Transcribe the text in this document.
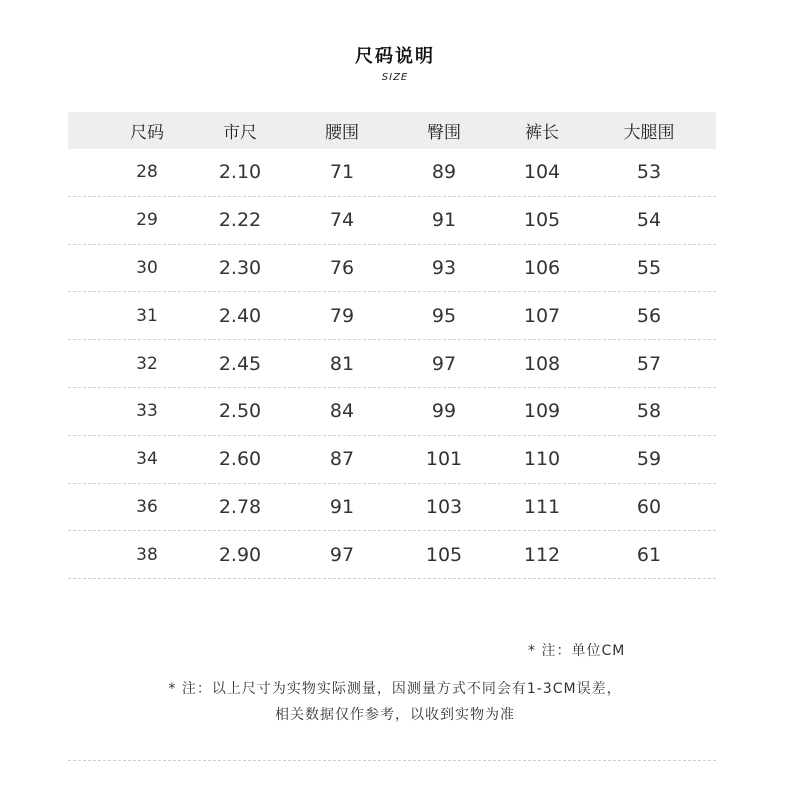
尺码说明
SIZE
尺码	市尺	腰围	臀围	裤长	大腿围
28	2.10	71	89	104	53
29	2.22	74	91	105	54
30	2.30	76	93	106	55
31	2.40	79	95	107	56
32	2.45	81	97	108	57
33	2.50	84	99	109	58
34	2.60	87	101	110	59
36	2.78	91	103	111	60
38	2.90	97	105	112	61
* 注：单位CM
* 注：以上尺寸为实物实际测量，因测量方式不同会有1-3CM误差，
相关数据仅作参考，以收到实物为准
